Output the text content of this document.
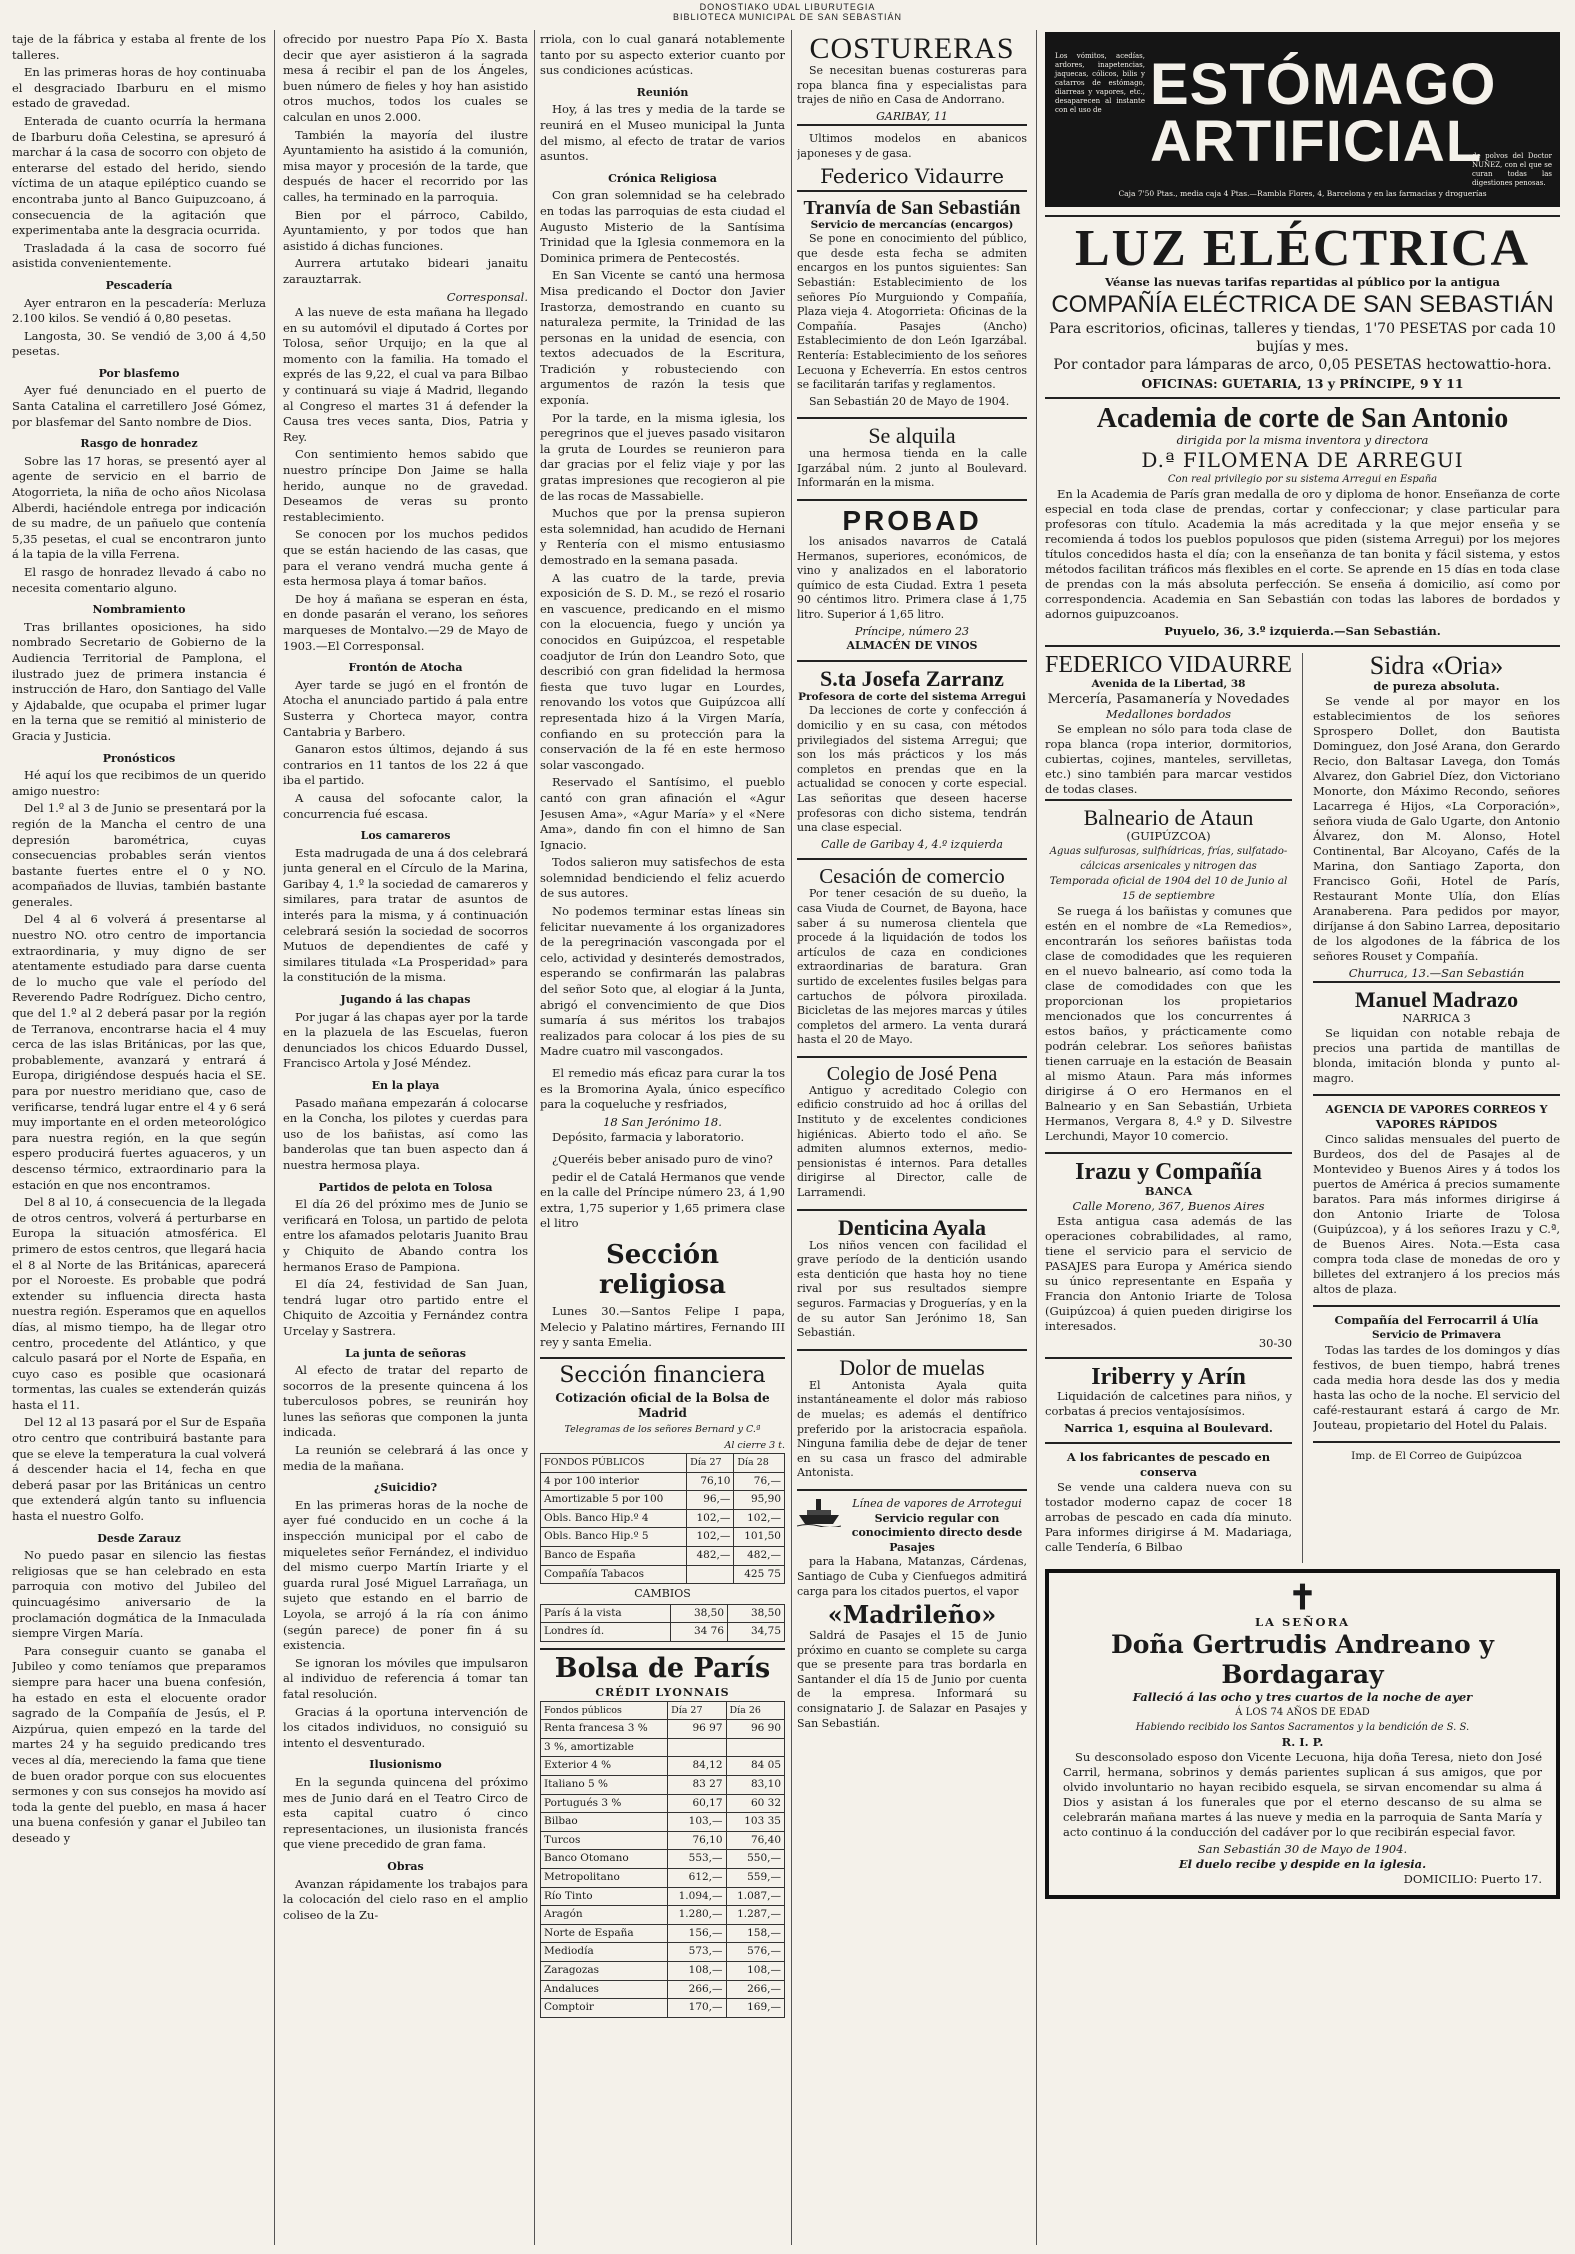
DONOSTIAKO UDAL LIBURUTEGIA
BIBLIOTECA MUNICIPAL DE SAN SEBASTIÁN

taje de la fábrica y estaba al frente de los talleres.

En las primeras horas de hoy continuaba el desgraciado Ibarburu en el mismo estado de gravedad.

Enterada de cuanto ocurría la hermana de Ibarburu doña Celestina, se apresuró á marchar á la casa de socorro con objeto de enterarse del estado del herido, siendo víctima de un ataque epiléptico cuando se encontraba junto al Banco Guipuzcoano, á consecuencia de la agitación que experimentaba ante la desgracia ocurrida.

Trasladada á la casa de socorro fué asistida convenientemente.

Pescadería

Ayer entraron en la pescadería: Merluza 2.100 kilos. Se vendió á 0,80 pesetas.

Langosta, 30. Se vendió de 3,00 á 4,50 pesetas.

Por blasfemo

Ayer fué denunciado en el puerto de Santa Catalina el carretillero José Gómez, por blasfemar del Santo nombre de Dios.

Rasgo de honradez

Sobre las 17 horas, se presentó ayer al agente de servicio en el barrio de Atogorrieta, la niña de ocho años Nicolasa Alberdi, haciéndole entrega por indicación de su madre, de un pañuelo que contenía 5,35 pesetas, el cual se encontraron junto á la tapia de la villa Ferrena.

El rasgo de honradez llevado á cabo no necesita comentario alguno.

Nombramiento

Tras brillantes oposiciones, ha sido nombrado Secretario de Gobierno de la Audiencia Territorial de Pamplona, el ilustrado juez de primera instancia é instrucción de Haro, don Santiago del Valle y Ajdabalde, que ocupaba el primer lugar en la terna que se remitió al ministerio de Gracia y Justicia.

Pronósticos

Hé aquí los que recibimos de un querido amigo nuestro:

Del 1.º al 3 de Junio se presentará por la región de la Mancha el centro de una depresión barométrica, cuyas consecuencias probables serán vientos bastante fuertes entre el 0 y NO. acompañados de lluvias, también bastante generales.

Del 4 al 6 volverá á presentarse al nuestro NO. otro centro de importancia extraordinaria, y muy digno de ser atentamente estudiado para darse cuenta de lo mucho que vale el período del Reverendo Padre Rodríguez. Dicho centro, que del 1.º al 2 deberá pasar por la región de Terranova, encontrarse hacia el 4 muy cerca de las islas Británicas, por las que, probablemente, avanzará y entrará á Europa, dirigiéndose después hacia el SE. para por nuestro meridiano que, caso de verificarse, tendrá lugar entre el 4 y 6 será muy importante en el orden meteorológico para nuestra región, en la que según espero producirá fuertes aguaceros, y un descenso térmico, extraordinario para la estación en que nos encontramos.

Del 8 al 10, á consecuencia de la llegada de otros centros, volverá á perturbarse en Europa la situación atmosférica. El primero de estos centros, que llegará hacia el 8 al Norte de las Británicas, aparecerá por el Noroeste. Es probable que podrá extender su influencia directa hasta nuestra región. Esperamos que en aquellos días, al mismo tiempo, ha de llegar otro centro, procedente del Atlántico, y que calculo pasará por el Norte de España, en cuyo caso es posible que ocasionará tormentas, las cuales se extenderán quizás hasta el 11.

Del 12 al 13 pasará por el Sur de España otro centro que contribuirá bastante para que se eleve la temperatura la cual volverá á descender hacia el 14, fecha en que deberá pasar por las Británicas un centro que extenderá algún tanto su influencia hasta el nuestro Golfo.

Desde Zarauz

No puedo pasar en silencio las fiestas religiosas que se han celebrado en esta parroquia con motivo del Jubileo del quincuagésimo aniversario de la proclamación dogmática de la Inmaculada siempre Virgen María.

Para conseguir cuanto se ganaba el Jubileo y como teníamos que preparamos siempre para hacer una buena confesión, ha estado en esta el elocuente orador sagrado de la Compañía de Jesús, el P. Aizpúrua, quien empezó en la tarde del martes 24 y ha seguido predicando tres veces al día, mereciendo la fama que tiene de buen orador porque con sus elocuentes sermones y con sus consejos ha movido así toda la gente del pueblo, en masa á hacer una buena confesión y ganar el Jubileo tan deseado y

ofrecido por nuestro Papa Pío X. Basta decir que ayer asistieron á la sagrada mesa á recibir el pan de los Ángeles, buen número de fieles y hoy han asistido otros muchos, todos los cuales se calculan en unos 2.000.

También la mayoría del ilustre Ayuntamiento ha asistido á la comunión, misa mayor y procesión de la tarde, que después de hacer el recorrido por las calles, ha terminado en la parroquia.

Bien por el párroco, Cabildo, Ayuntamiento, y por todos que han asistido á dichas funciones.

Aurrera artutako bideari janaitu zarauztarrak.

Corresponsal.

A las nueve de esta mañana ha llegado en su automóvil el diputado á Cortes por Tolosa, señor Urquijo; en la que al momento con la familia. Ha tomado el exprés de las 9,22, el cual va para Bilbao y continuará su viaje á Madrid, llegando al Congreso el martes 31 á defender la Causa tres veces santa, Dios, Patria y Rey.

Con sentimiento hemos sabido que nuestro príncipe Don Jaime se halla herido, aunque no de gravedad. Deseamos de veras su pronto restablecimiento.

Se conocen por los muchos pedidos que se están haciendo de las casas, que para el verano vendrá mucha gente á esta hermosa playa á tomar baños.

De hoy á mañana se esperan en ésta, en donde pasarán el verano, los señores marqueses de Montalvo.—29 de Mayo de 1903.—El Corresponsal.

Frontón de Atocha

Ayer tarde se jugó en el frontón de Atocha el anunciado partido á pala entre Susterra y Chorteca mayor, contra Cantabria y Barbero.

Ganaron estos últimos, dejando á sus contrarios en 11 tantos de los 22 á que iba el partido.

A causa del sofocante calor, la concurrencia fué escasa.

Los camareros

Esta madrugada de una á dos celebrará junta general en el Círculo de la Marina, Garibay 4, 1.º la sociedad de camareros y similares, para tratar de asuntos de interés para la misma, y á continuación celebrará sesión la sociedad de socorros Mutuos de dependientes de café y similares titulada «La Prosperidad» para la constitución de la misma.

Jugando á las chapas

Por jugar á las chapas ayer por la tarde en la plazuela de las Escuelas, fueron denunciados los chicos Eduardo Dussel, Francisco Artola y José Méndez.

En la playa

Pasado mañana empezarán á colocarse en la Concha, los pilotes y cuerdas para uso de los bañistas, así como las banderolas que tan buen aspecto dan á nuestra hermosa playa.

Partidos de pelota en Tolosa

El día 26 del próximo mes de Junio se verificará en Tolosa, un partido de pelota entre los afamados pelotaris Juanito Brau y Chiquito de Abando contra los hermanos Eraso de Pampiona.

El día 24, festividad de San Juan, tendrá lugar otro partido entre el Chiquito de Azcoitia y Fernández contra Urcelay y Sastrera.

La junta de señoras

Al efecto de tratar del reparto de socorros de la presente quincena á los tuberculosos pobres, se reunirán hoy lunes las señoras que componen la junta indicada.

La reunión se celebrará á las once y media de la mañana.

¿Suicidio?

En las primeras horas de la noche de ayer fué conducido en un coche á la inspección municipal por el cabo de miqueletes señor Fernández, el individuo del mismo cuerpo Martín Iriarte y el guarda rural José Miguel Larrañaga, un sujeto que estando en el barrio de Loyola, se arrojó á la ría con ánimo (según parece) de poner fin á su existencia.

Se ignoran los móviles que impulsaron al individuo de referencia á tomar tan fatal resolución.

Gracias á la oportuna intervención de los citados individuos, no consiguió su intento el desventurado.

Ilusionismo

En la segunda quincena del próximo mes de Junio dará en el Teatro Circo de esta capital cuatro ó cinco representaciones, un ilusionista francés que viene precedido de gran fama.

Obras

Avanzan rápidamente los trabajos para la colocación del cielo raso en el amplio coliseo de la Zu-

rriola, con lo cual ganará notablemente tanto por su aspecto exterior cuanto por sus condiciones acústicas.

Reunión

Hoy, á las tres y media de la tarde se reunirá en el Museo municipal la Junta del mismo, al efecto de tratar de varios asuntos.

Crónica Religiosa

Con gran solemnidad se ha celebrado en todas las parroquias de esta ciudad el Augusto Misterio de la Santísima Trinidad que la Iglesia conmemora en la Dominica primera de Pentecostés.

En San Vicente se cantó una hermosa Misa predicando el Doctor don Javier Irastorza, demostrando en cuanto su naturaleza permite, la Trinidad de las personas en la unidad de esencia, con textos adecuados de la Escritura, Tradición y robusteciendo con argumentos de razón la tesis que exponía.

Por la tarde, en la misma iglesia, los peregrinos que el jueves pasado visitaron la gruta de Lourdes se reunieron para dar gracias por el feliz viaje y por las gratas impresiones que recogieron al pie de las rocas de Massabielle.

Muchos que por la prensa supieron esta solemnidad, han acudido de Hernani y Rentería con el mismo entusiasmo demostrado en la semana pasada.

A las cuatro de la tarde, previa exposición de S. D. M., se rezó el rosario en vascuence, predicando en el mismo con la elocuencia, fuego y unción ya conocidos en Guipúzcoa, el respetable coadjutor de Irún don Leandro Soto, que describió con gran fidelidad la hermosa fiesta que tuvo lugar en Lourdes, renovando los votos que Guipúzcoa allí representada hizo á la Virgen María, confiando en su protección para la conservación de la fé en este hermoso solar vascongado.

Reservado el Santísimo, el pueblo cantó con gran afinación el «Agur Jesusen Ama», «Agur María» y el «Nere Ama», dando fin con el himno de San Ignacio.

Todos salieron muy satisfechos de esta solemnidad bendiciendo el feliz acuerdo de sus autores.

No podemos terminar estas líneas sin felicitar nuevamente á los organizadores de la peregrinación vascongada por el celo, actividad y desinterés demostrados, esperando se confirmarán las palabras del señor Soto que, al elogiar á la Junta, abrigó el convencimiento de que Dios sumaría á sus méritos los trabajos realizados para colocar á los pies de su Madre cuatro mil vascongados.

El remedio más eficaz para curar la tos es la Bromorina Ayala, único específico para la coqueluche y resfriados,

18 San Jerónimo 18.

Depósito, farmacia y laboratorio.

¿Queréis beber anisado puro de vino?

pedir el de Catalá Hermanos que vende en la calle del Príncipe número 23, á 1,90 extra, 1,75 superior y 1,65 primera clase el litro

Sección religiosa

Lunes 30.—Santos Felipe I papa, Melecio y Palatino mártires, Fernando III rey y santa Emelia.

Sección financiera
Cotización oficial de la Bolsa de Madrid
Telegramas de los señores Bernard y C.ª
Al cierre 3 t.
FONDOS PÚBLICOS	Día 27	Día 28
4 por 100 interior	76,10	76,—
Amortizable 5 por 100	96,—	95,90
Obls. Banco Hip.º 4	102,—	102,—
Obls. Banco Hip.º 5	102,—	101,50
Banco de España	482,—	482,—
Compañía Tabacos		425 75
CAMBIOS
París á la vista	38,50	38,50
Londres íd.	34 76	34,75
Bolsa de París
CRÉDIT LYONNAIS
Fondos públicos	Día 27	Día 26
Renta francesa 3 %	96 97	96 90
3 %, amortizable		
Exterior 4 %	84,12	84 05
Italiano 5 %	83 27	83,10
Portugués 3 %	60,17	60 32
Bilbao	103,—	103 35
Turcos	76,10	76,40
Banco Otomano	553,—	550,—
Metropolitano	612,—	559,—
Río Tinto	1.094,—	1.087,—
Aragón	1.280,—	1.287,—
Norte de España	156,—	158,—
Mediodía	573,—	576,—
Zaragozas	108,—	108,—
Andaluces	266,—	266,—
Comptoir	170,—	169,—
COSTURERAS

Se necesitan buenas costureras para ropa blanca fina y especialistas para trajes de niño en Casa de Andorrano.

GARIBAY, 11

Ultimos modelos en abanicos japoneses y de gasa.

Federico Vidaurre
Tranvía de San Sebastián
Servicio de mercancías (encargos)

Se pone en conocimiento del público, que desde esta fecha se admiten encargos en los puntos siguientes: San Sebastián: Establecimiento de los señores Pío Murguiondo y Compañía, Plaza vieja 4. Atogorrieta: Oficinas de la Compañía. Pasajes (Ancho) Establecimiento de don León Igarzábal. Rentería: Establecimiento de los señores Lecuona y Echeverría. En estos centros se facilitarán tarifas y reglamentos.

San Sebastián 20 de Mayo de 1904.

Se alquila

una hermosa tienda en la calle Igarzábal núm. 2 junto al Boulevard. Informarán en la misma.

PROBAD

los anisados navarros de Catalá Hermanos, superiores, económicos, de vino y analizados en el laboratorio químico de esta Ciudad. Extra 1 peseta 90 céntimos litro. Primera clase á 1,75 litro. Superior á 1,65 litro.

Príncipe, número 23
ALMACÉN DE VINOS
S.ta Josefa Zarranz
Profesora de corte del sistema Arregui

Da lecciones de corte y confección á domicilio y en su casa, con métodos privilegiados del sistema Arregui; que son los más prácticos y los más completos en prendas que en la actualidad se conocen y corte especial. Las señoritas que deseen hacerse profesoras con dicho sistema, tendrán una clase especial.

Calle de Garibay 4, 4.º izquierda
Cesación de comercio

Por tener cesación de su dueño, la casa Viuda de Cournet, de Bayona, hace saber á su numerosa clientela que procede á la liquidación de todos los artículos de caza en condiciones extraordinarias de baratura. Gran surtido de excelentes fusiles belgas para cartuchos de pólvora piroxilada. Bicicletas de las mejores marcas y útiles completos del armero. La venta durará hasta el 20 de Mayo.

Colegio de José Pena

Antiguo y acreditado Colegio con edificio construido ad hoc á orillas del Instituto y de excelentes condiciones higiénicas. Abierto todo el año. Se admiten alumnos externos, medio-pensionistas é internos. Para detalles dirigirse al Director, calle de Larramendi.

Denticina Ayala

Los niños vencen con facilidad el grave período de la dentición usando esta dentición que hasta hoy no tiene rival por sus resultados siempre seguros. Farmacias y Droguerías, y en la de su autor San Jerónimo 18, San Sebastián.

Dolor de muelas

El Antonista Ayala quita instantáneamente el dolor más rabioso de muelas; es además el dentífrico preferido por la aristocracia española. Ninguna familia debe de dejar de tener en su casa un frasco del admirable Antonista.

Línea de vapores de Arrotegui
Servicio regular con conocimiento directo desde Pasajes

para la Habana, Matanzas, Cárdenas, Santiago de Cuba y Cienfuegos admitirá carga para los citados puertos, el vapor

«Madrileño»

Saldrá de Pasajes el 15 de Junio próximo en cuanto se complete su carga que se presente para tras bordarla en Santander el día 15 de Junio por cuenta de la empresa. Informará su consignatario J. de Salazar en Pasajes y San Sebastián.

Los vómitos, acedías, ardores, inapetencias, jaquecas, cólicos, bilis y catarros de estómago, diarreas y vapores, etc., desaparecen al instante con el uso de ESTÓMAGO
ARTIFICIAL
de polvos del Doctor NUÑEZ, con el que se curan todas las digestiones penosas.
Caja 7'50 Ptas., media caja 4 Ptas.—Rambla Flores, 4, Barcelona y en las farmacias y droguerías
LUZ ELÉCTRICA
Véanse las nuevas tarifas repartidas al público por la antigua
COMPAÑÍA ELÉCTRICA DE SAN SEBASTIÁN
Para escritorios, oficinas, talleres y tiendas, 1'70 PESETAS por cada 10 bujías y mes.
Por contador para lámparas de arco, 0,05 PESETAS hectowattio-hora.
OFICINAS: GUETARIA, 13 y PRÍNCIPE, 9 Y 11
Academia de corte de San Antonio
dirigida por la misma inventora y directora
D.ª FILOMENA DE ARREGUI
Con real privilegio por su sistema Arregui en España

En la Academia de París gran medalla de oro y diploma de honor. Enseñanza de corte especial en toda clase de prendas, cortar y confeccionar; y clase particular para profesoras con título. Academia la más acreditada y la que mejor enseña y se recomienda á todos los pueblos populosos que piden (sistema Arregui) por los mejores títulos concedidos hasta el día; con la enseñanza de tan bonita y fácil sistema, y estos métodos facilitan tráficos más flexibles en el corte. Se aprende en 15 días en toda clase de prendas con la más absoluta perfección. Se enseña á domicilio, así como por correspondencia. Academia en San Sebastián con todas las labores de bordados y adornos guipuzcoanos.

Puyuelo, 36, 3.º izquierda.—San Sebastián.
FEDERICO VIDAURRE
Avenida de la Libertad, 38
Mercería, Pasamanería y Novedades
Medallones bordados

Se emplean no sólo para toda clase de ropa blanca (ropa interior, dormitorios, cubiertas, cojines, manteles, servilletas, etc.) sino también para marcar vestidos de todas clases.

Balneario de Ataun
(GUIPÚZCOA)
Aguas sulfurosas, sulfhídricas, frías, sulfatado-cálcicas arsenicales y nitrogen das
Temporada oficial de 1904 del 10 de Junio al 15 de septiembre

Se ruega á los bañistas y comunes que estén en el nombre de «La Remedios», encontrarán los señores bañistas toda clase de comodidades que les requieren en el nuevo balneario, así como toda la clase de comodidades con que les proporcionan los propietarios mencionados que los concurrentes á estos baños, y prácticamente como podrán celebrar. Los señores bañistas tienen carruaje en la estación de Beasain al mismo Ataun. Para más informes dirigirse á O ero Hermanos en el Balneario y en San Sebastián, Urbieta Hermanos, Vergara 8, 4.º y D. Silvestre Lerchundi, Mayor 10 comercio.

Irazu y Compañía
BANCA
Calle Moreno, 367, Buenos Aires

Esta antigua casa además de las operaciones cobrabilidades, al ramo, tiene el servicio para el servicio de PASAJES para Europa y América siendo su único representante en España y Francia don Antonio Iriarte de Tolosa (Guipúzcoa) á quien pueden dirigirse los interesados.

30-30
Iriberry y Arín

Liquidación de calcetines para niños, y corbatas á precios ventajosísimos.

Narrica 1, esquina al Boulevard.
A los fabricantes de pescado en conserva

Se vende una caldera nueva con su tostador moderno capaz de cocer 18 arrobas de pescado en cada día minuto. Para informes dirigirse á M. Madariaga, calle Tendería, 6 Bilbao

Sidra «Oria»
de pureza absoluta.

Se vende al por mayor en los establecimientos de los señores Sprospero Dollet, don Bautista Dominguez, don José Arana, don Gerardo Recio, don Baltasar Lavega, don Tomás Alvarez, don Gabriel Díez, don Victoriano Monorte, don Máximo Recondo, señores Lacarrega é Hijos, «La Corporación», señora viuda de Galo Ugarte, don Antonio Álvarez, don M. Alonso, Hotel Continental, Bar Alcoyano, Cafés de la Marina, don Santiago Zaporta, don Francisco Goñi, Hotel de París, Restaurant Monte Ulía, don Elías Aranaberena. Para pedidos por mayor, diríjanse á don Sabino Larrea, depositario de los algodones de la fábrica de los señores Rouset y Compañía.

Churruca, 13.—San Sebastián
Manuel Madrazo
NARRICA 3

Se liquidan con notable rebaja de precios una partida de mantillas de blonda, imitación blonda y punto al-magro.

AGENCIA DE VAPORES CORREOS Y VAPORES RÁPIDOS

Cinco salidas mensuales del puerto de Burdeos, dos del de Pasajes al de Montevideo y Buenos Aires y á todos los puertos de América á precios sumamente baratos. Para más informes dirigirse á don Antonio Iriarte de Tolosa (Guipúzcoa), y á los señores Irazu y C.ª, de Buenos Aires. Nota.—Esta casa compra toda clase de monedas de oro y billetes del extranjero á los precios más altos de plaza.

Compañía del Ferrocarril á Ulía
Servicio de Primavera

Todas las tardes de los domingos y días festivos, de buen tiempo, habrá trenes cada media hora desde las dos y media hasta las ocho de la noche. El servicio del café-restaurant estará á cargo de Mr. Jouteau, propietario del Hotel du Palais.

Imp. de El Correo de Guipúzcoa
✝
LA SEÑORA
Doña Gertrudis Andreano y Bordagaray
Falleció á las ocho y tres cuartos de la noche de ayer
Á LOS 74 AÑOS DE EDAD
Habiendo recibido los Santos Sacramentos y la bendición de S. S.
R. I. P.

Su desconsolado esposo don Vicente Lecuona, hija doña Teresa, nieto don José Carril, hermana, sobrinos y demás parientes suplican á sus amigos, que por olvido involuntario no hayan recibido esquela, se sirvan encomendar su alma á Dios y asistan á los funerales que por el eterno descanso de su alma se celebrarán mañana martes á las nueve y media en la parroquia de Santa María y acto continuo á la conducción del cadáver por lo que recibirán especial favor.

San Sebastián 30 de Mayo de 1904.
El duelo recibe y despide en la iglesia.
DOMICILIO: Puerto 17.
